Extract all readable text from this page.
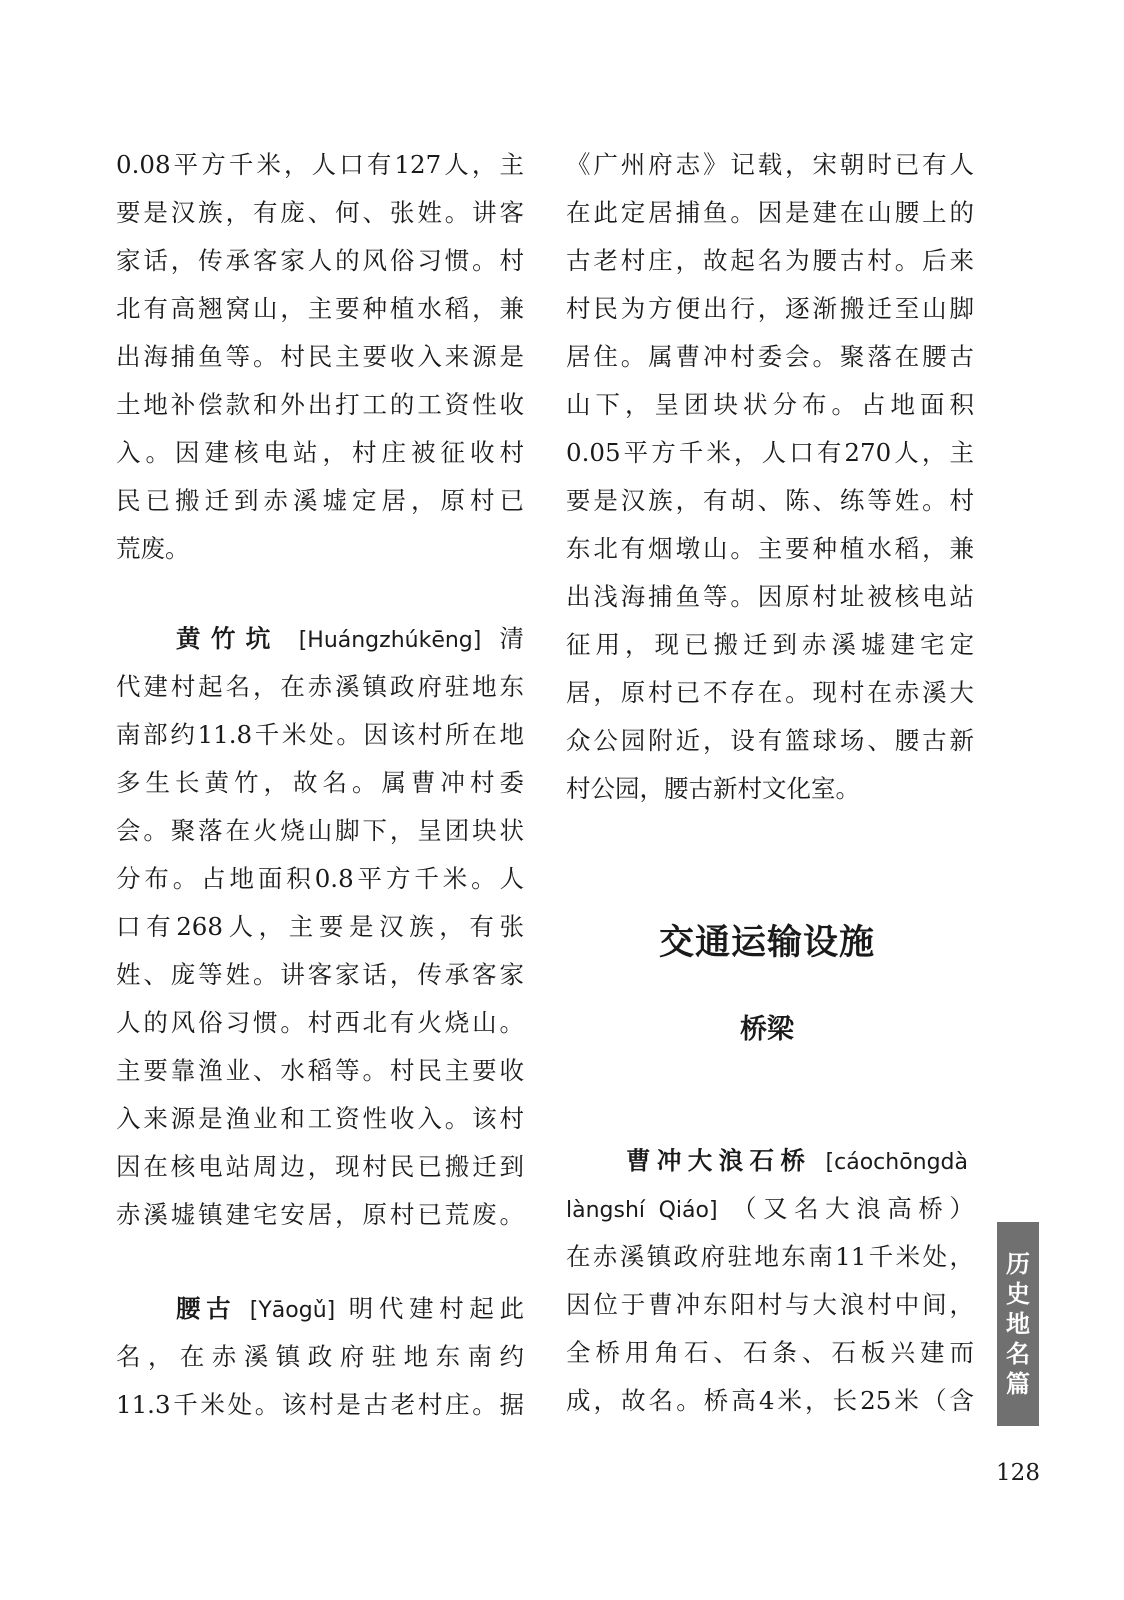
0.08平方千米，人口有127人，主
要是汉族，有庞、何、张姓。讲客
家话，传承客家人的风俗习惯。村
北有高翘窝山，主要种植水稻，兼
出海捕鱼等。村民主要收入来源是
土地补偿款和外出打工的工资性收
入。因建核电站，村庄被征收村
民已搬迁到赤溪墟定居，原村已
荒废。
黄竹坑 [Huángzhúkēng] 清
代建村起名，在赤溪镇政府驻地东
南部约11.8千米处。因该村所在地
多生长黄竹，故名。属曹冲村委
会。聚落在火烧山脚下，呈团块状
分布。占地面积0.8平方千米。人
口有268人，主要是汉族，有张
姓、庞等姓。讲客家话，传承客家
人的风俗习惯。村西北有火烧山。
主要靠渔业、水稻等。村民主要收
入来源是渔业和工资性收入。该村
因在核电站周边，现村民已搬迁到
赤溪墟镇建宅安居，原村已荒废。
腰古 [Yāogǔ] 明代建村起此
名，在赤溪镇政府驻地东南约
11.3千米处。该村是古老村庄。据
《广州府志》记载，宋朝时已有人
在此定居捕鱼。因是建在山腰上的
古老村庄，故起名为腰古村。后来
村民为方便出行，逐渐搬迁至山脚
居住。属曹冲村委会。聚落在腰古
山下，呈团块状分布。占地面积
0.05平方千米，人口有270人，主
要是汉族，有胡、陈、练等姓。村
东北有烟墩山。主要种植水稻，兼
出浅海捕鱼等。因原村址被核电站
征用，现已搬迁到赤溪墟建宅定
居，原村已不存在。现村在赤溪大
众公园附近，设有篮球场、腰古新
村公园，腰古新村文化室。
交通运输设施
桥梁
曹冲大浪石桥 [cáochōngdà
làngshí Qiáo] （又名大浪高桥）
在赤溪镇政府驻地东南11千米处，
因位于曹冲东阳村与大浪村中间，
全桥用角石、石条、石板兴建而
成，故名。桥高4米，长25米（含
历
史
地
名
篇
128
